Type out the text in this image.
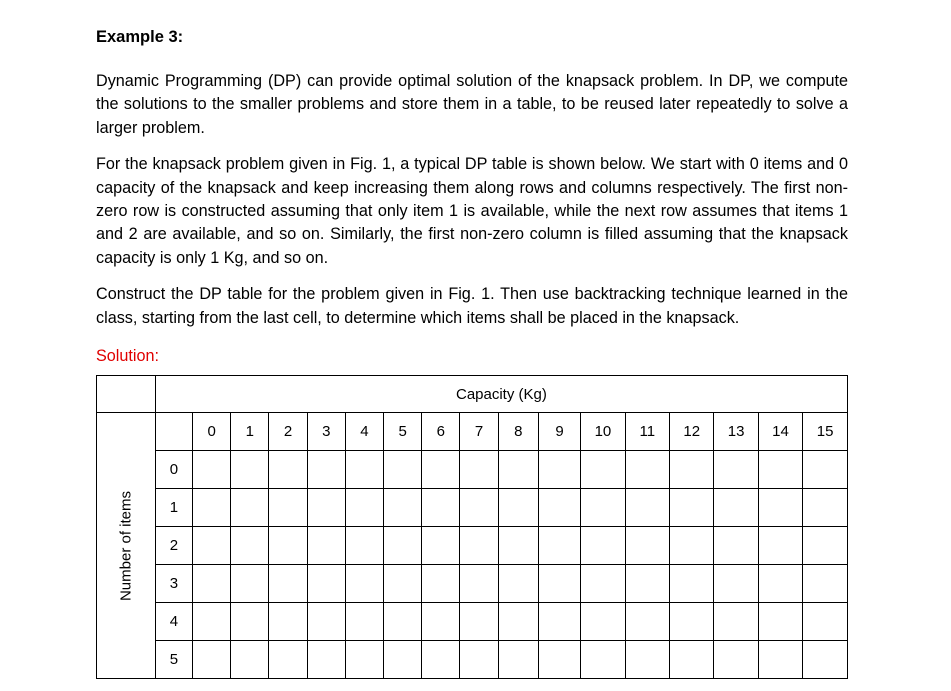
Example 3:

Dynamic Programming (DP) can provide optimal solution of the knapsack problem. In DP, we compute the solutions to the smaller problems and store them in a table, to be reused later repeatedly to solve a larger problem.

For the knapsack problem given in Fig. 1, a typical DP table is shown below. We start with 0 items and 0 capacity of the knapsack and keep increasing them along rows and columns respectively. The first non-zero row is constructed assuming that only item 1 is available, while the next row assumes that items 1 and 2 are available, and so on. Similarly, the first non-zero column is filled assuming that the knapsack capacity is only 1 Kg, and so on.

Construct the DP table for the problem given in Fig. 1. Then use backtracking technique learned in the class, starting from the last cell, to determine which items shall be placed in the knapsack.

Solution:
	Capacity (Kg)																

Number of items		0	1	2	3	4	5	6	7	8	9	10	11	12	13	14	15
	0																
	1																
	2																
	3																
	4																
	5																
